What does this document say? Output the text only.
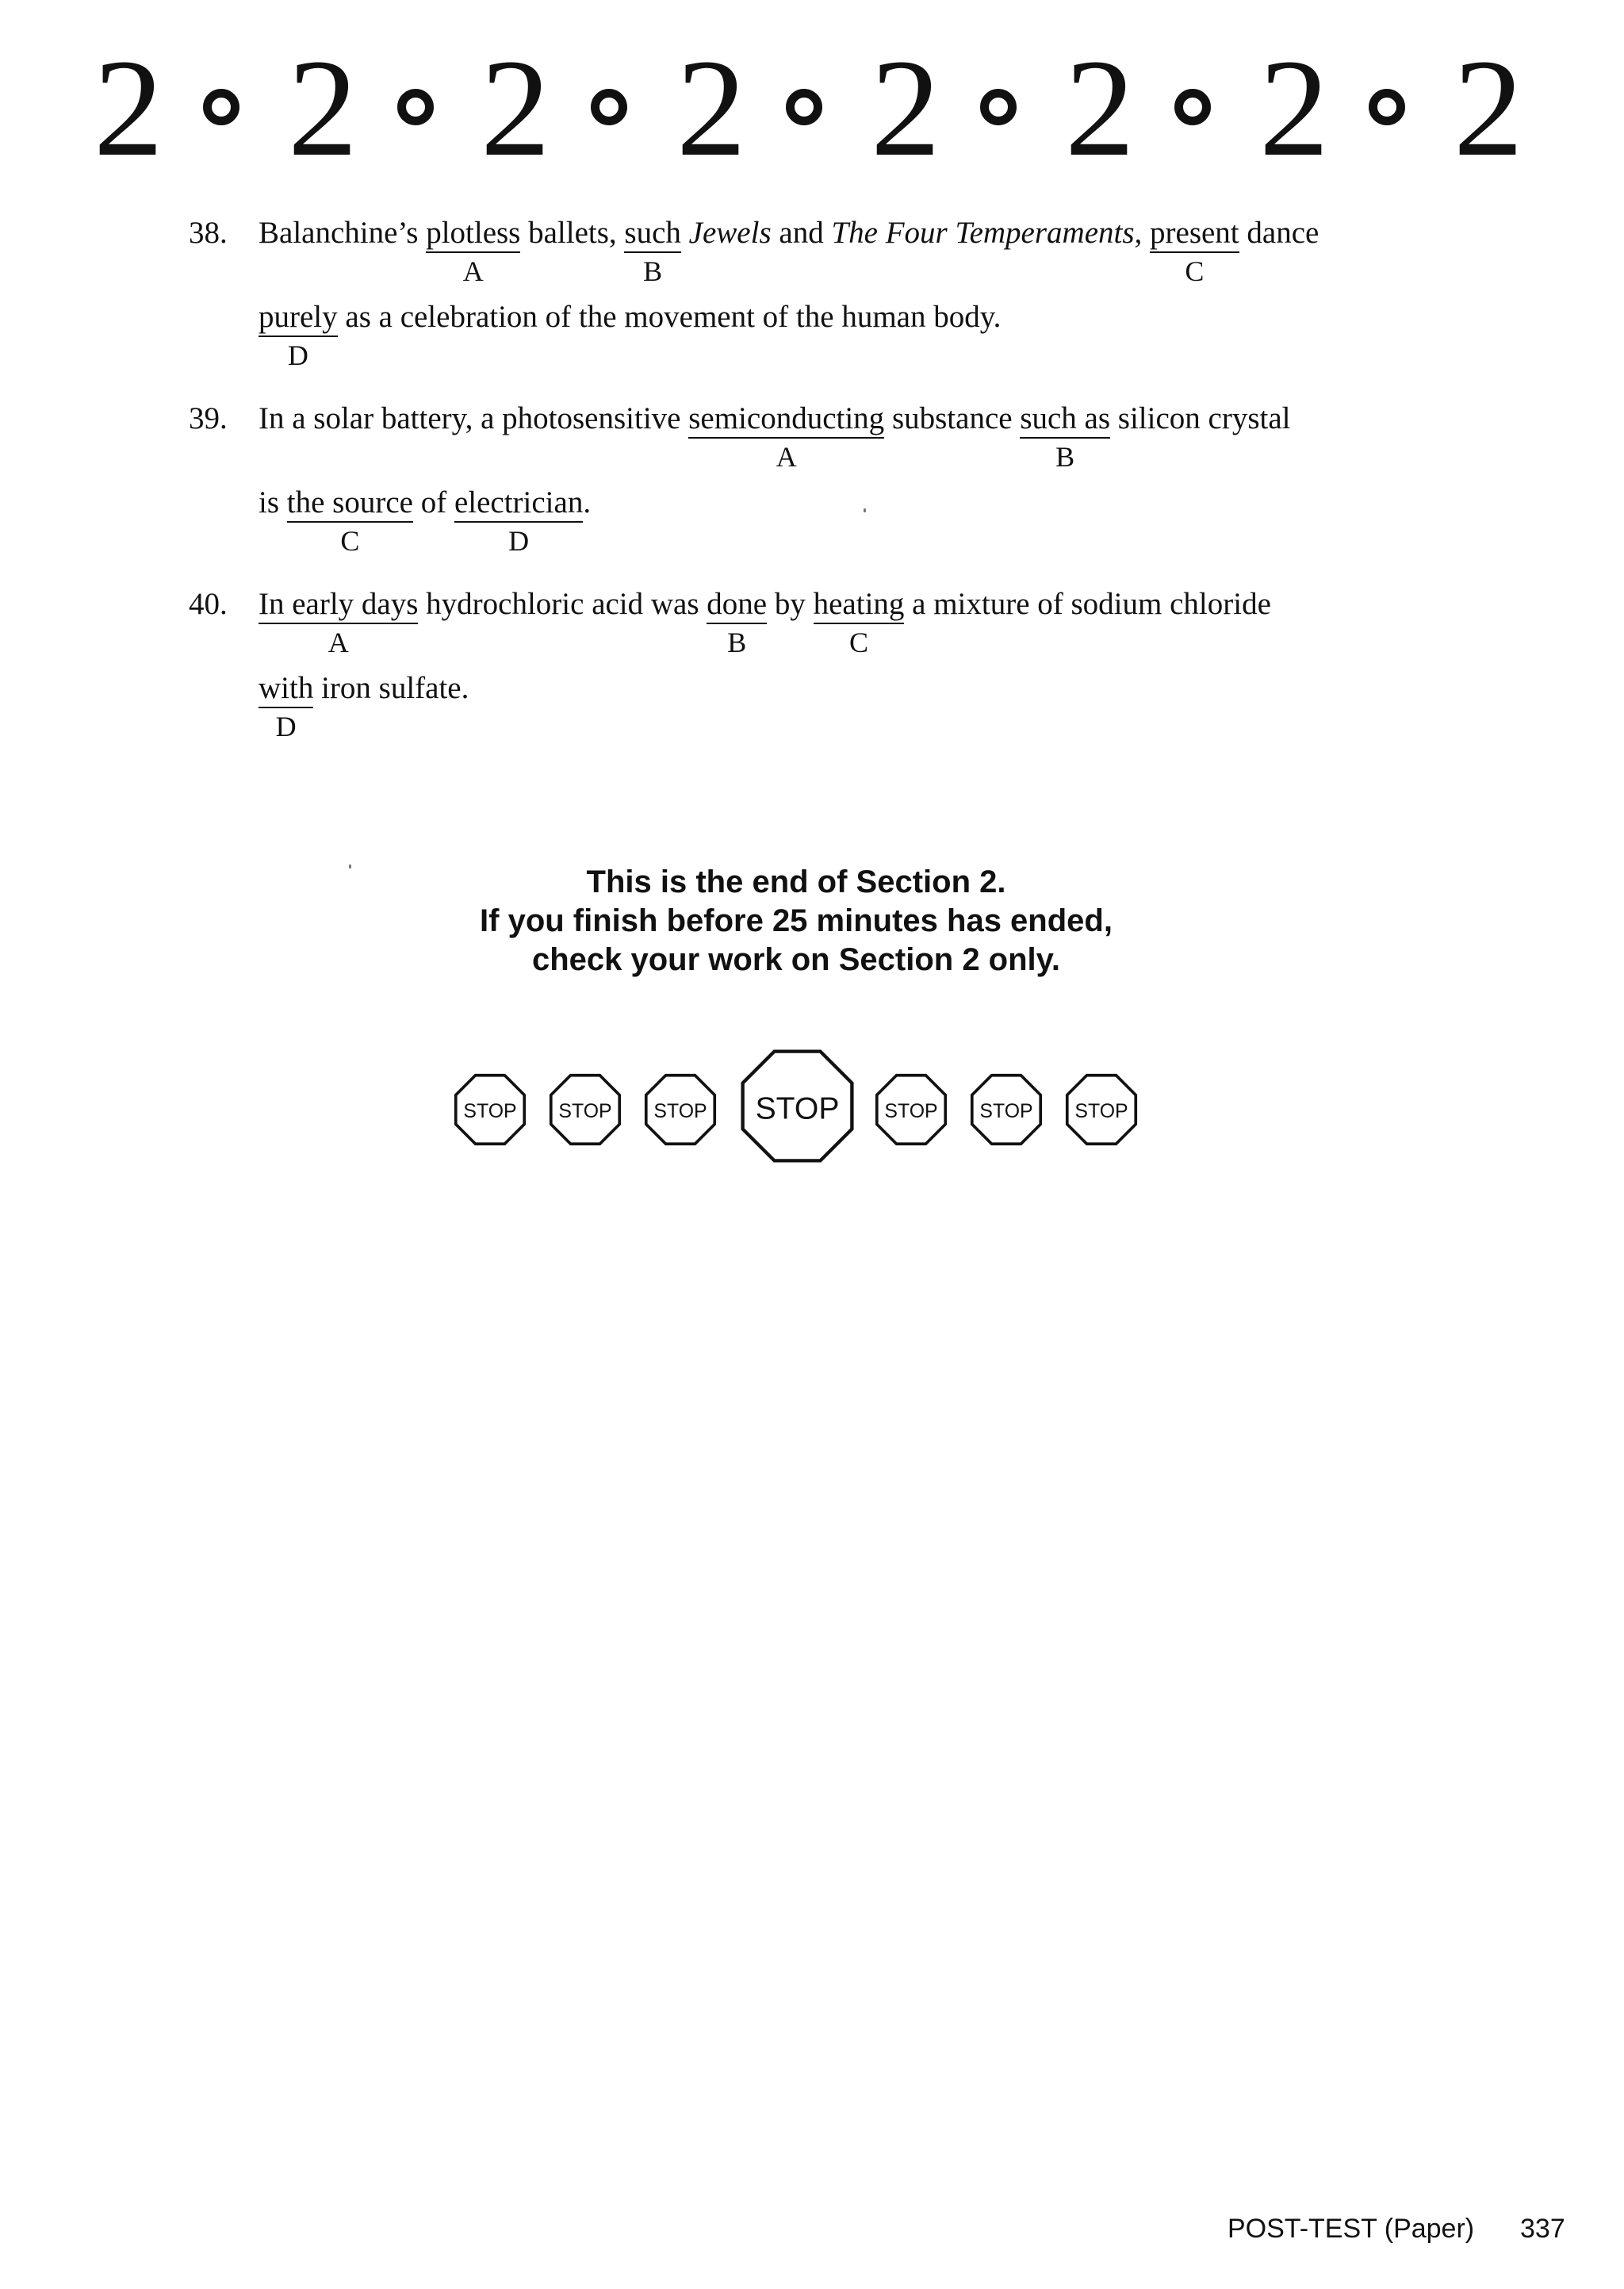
2 2 2 2 2 2 2 2
38. Balanchine’s plotless
A
ballets, such
B
Jewels and The Four Temperaments, present
C
dance
purely
D
as a celebration of the movement of the human body.
39. In a solar battery, a photosensitive semiconducting
A
substance such as
B
silicon crystal
is the source
C
of electrician
D
.
40. In early days
A
hydrochloric acid was done
B
by heating
C
a mixture of sodium chloride
with
D
iron sulfate.
This is the end of Section 2.
If you finish before 25 minutes has ended,
check your work on Section 2 only.
STOP STOP STOP STOP STOP STOP STOP
POST-TEST (Paper) 337
